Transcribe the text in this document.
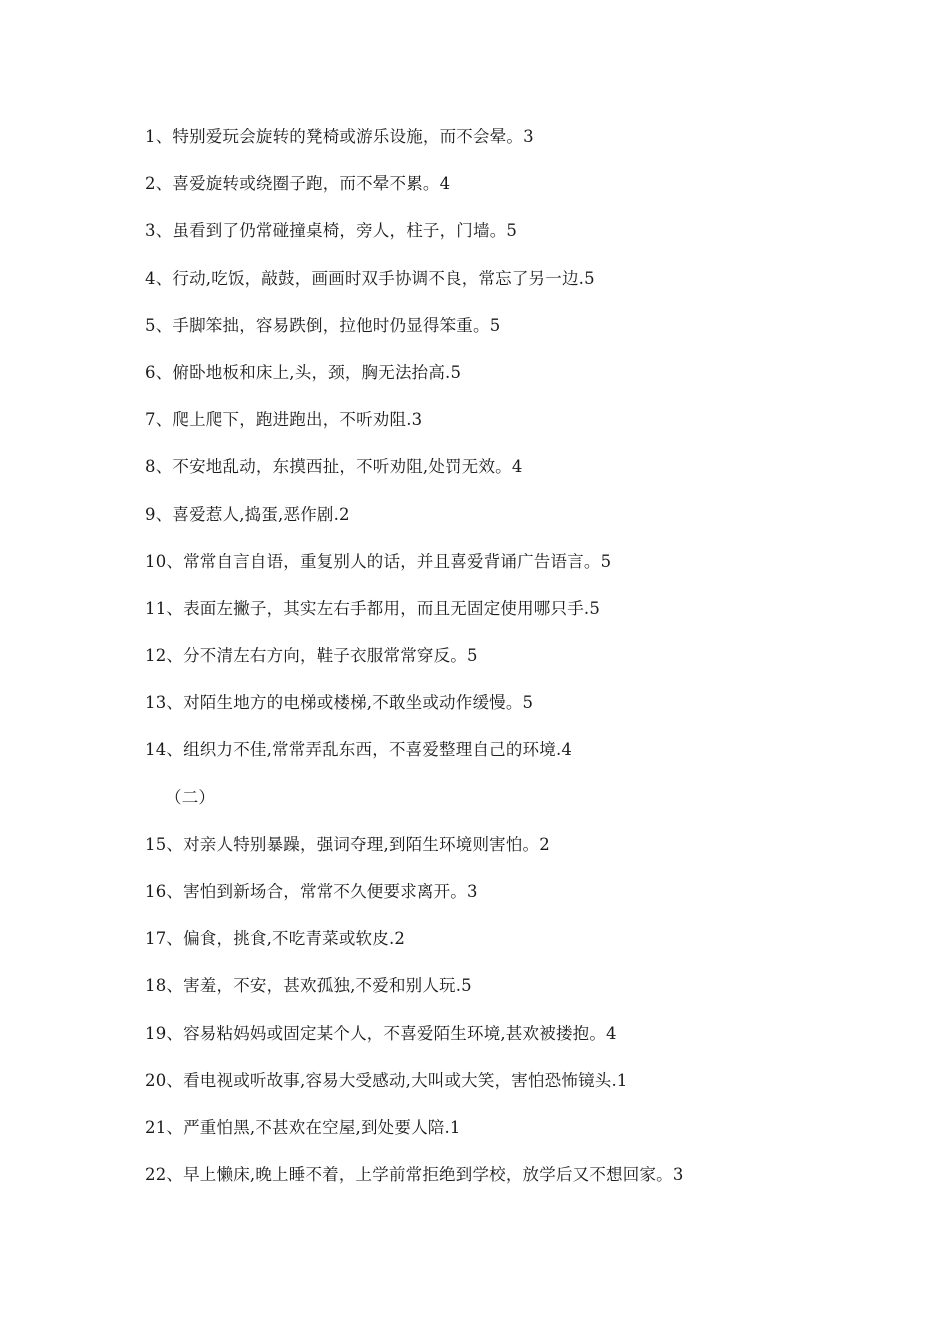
1、特别爱玩会旋转的凳椅或游乐设施，而不会晕。3
2、喜爱旋转或绕圈子跑，而不晕不累。4
3、虽看到了仍常碰撞桌椅，旁人，柱子，门墙。5
4、行动,吃饭，敲鼓，画画时双手协调不良，常忘了另一边.5
5、手脚笨拙，容易跌倒，拉他时仍显得笨重。5
6、俯卧地板和床上,头，颈，胸无法抬高.5
7、爬上爬下，跑进跑出，不听劝阻.3
8、不安地乱动，东摸西扯，不听劝阻,处罚无效。4
9、喜爱惹人,捣蛋,恶作剧.2
10、常常自言自语，重复别人的话，并且喜爱背诵广告语言。5
11、表面左撇子，其实左右手都用，而且无固定使用哪只手.5
12、分不清左右方向，鞋子衣服常常穿反。5
13、对陌生地方的电梯或楼梯,不敢坐或动作缓慢。5
14、组织力不佳,常常弄乱东西，不喜爱整理自己的环境.4
（二）
15、对亲人特别暴躁，强词夺理,到陌生环境则害怕。2
16、害怕到新场合，常常不久便要求离开。3
17、偏食，挑食,不吃青菜或软皮.2
18、害羞，不安，甚欢孤独,不爱和别人玩.5
19、容易粘妈妈或固定某个人，不喜爱陌生环境,甚欢被搂抱。4
20、看电视或听故事,容易大受感动,大叫或大笑，害怕恐怖镜头.1
21、严重怕黑,不甚欢在空屋,到处要人陪.1
22、早上懒床,晚上睡不着，上学前常拒绝到学校，放学后又不想回家。3
